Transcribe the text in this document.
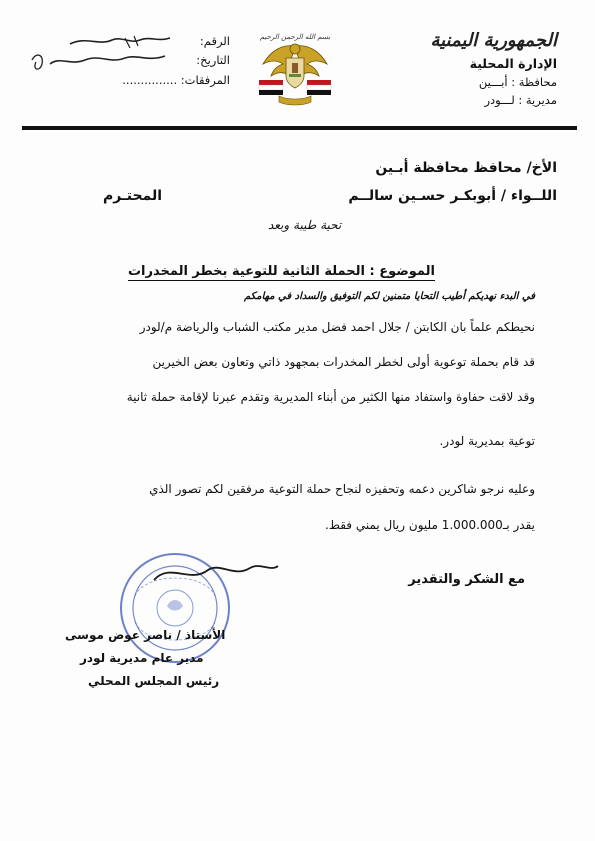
الجمهورية اليمنية
الإدارة المحلية
محافظة : أبـــين
مديرية : لـــودر
بسم الله الرحمن الرحيم
الرقم:
التاريخ:
المرفقات: ...............
الأخ/ محافظ محافظة أبـين
اللــواء / أبوبكـر حسـين سالــم
المحتـرم
تحية طيبة وبعد
الموضوع : الحملة الثانية للتوعية بخطر المخدرات
في البدء نهديكم أطيب التحايا متمنين لكم التوفيق والسداد في مهامكم
نحيطكم علماً بان الكابتن / جلال احمد فضل مدير مكتب الشباب والرياضة م/لودر
قد قام بحملة توعوية أولى لخطر المخدرات بمجهود ذاتي وتعاون بعض الخيرين
وقد لاقت حفاوة واستفاد منها الكثير من أبناء المديرية وتقدم عبرنا لإقامة حملة ثانية
توعية بمديرية لودر.
وعليه نرجو شاكرين دعمه وتحفيزه لنجاح حملة التوعية مرفقين لكم تصور الذي
يقدر بـ1.000.000 مليون ريال يمني فقط.
مع الشكر والتقدير
الأستاذ / ناصر عوض موسى
مدير عام مديرية لودر
رئيس المجلس المحلي
